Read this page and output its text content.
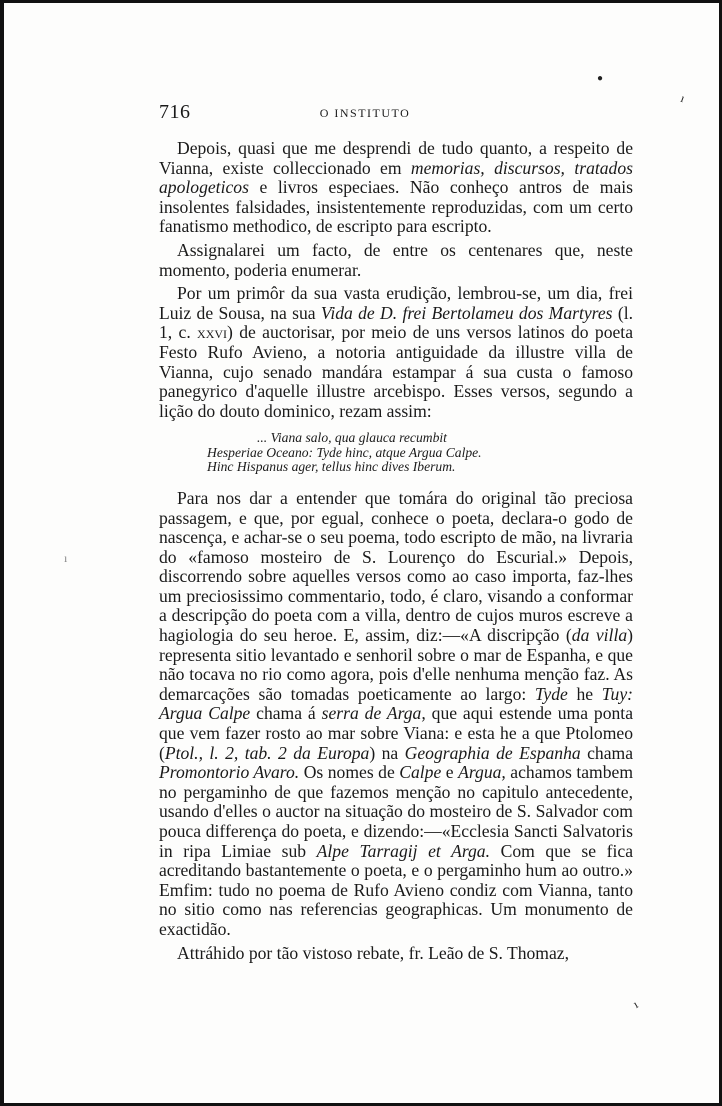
●
ı
ı
ı
716	O INSTITUTO

Depois, quasi que me desprendi de tudo quanto, a respeito de Vianna, existe colleccionado em memorias, discursos, tratados apologeticos e livros especiaes. Não conheço antros de mais insolentes falsidades, insistentemente reproduzidas, com um certo fanatismo methodico, de escripto para escripto.

Assignalarei um facto, de entre os centenares que, neste momento, poderia enumerar.

Por um primôr da sua vasta erudição, lembrou-se, um dia, frei Luiz de Sousa, na sua Vida de D. frei Bertolameu dos Martyres (l. 1, c. xxvi) de auctorisar, por meio de uns versos latinos do poeta Festo Rufo Avieno, a notoria antiguidade da illustre villa de Vianna, cujo senado mandára estampar á sua custa o famoso panegyrico d'aquelle illustre arcebispo. Esses versos, segundo a lição do douto dominico, rezam assim:

... Viana salo, qua glauca recumbit
Hesperiae Oceano: Tyde hinc, atque Argua Calpe.
Hinc Hispanus ager, tellus hinc dives Iberum.

Para nos dar a entender que tomára do original tão preciosa passagem, e que, por egual, conhece o poeta, declara-o godo de nascença, e achar-se o seu poema, todo escripto de mão, na livraria do «famoso mosteiro de S. Lourenço do Escurial.» Depois, discorrendo sobre aquelles versos como ao caso importa, faz-lhes um preciosissimo commentario, todo, é claro, visando a conformar a descripção do poeta com a villa, dentro de cujos muros escreve a hagiologia do seu heroe. E, assim, diz:—«A discripção (da villa) representa sitio levantado e senhoril sobre o mar de Espanha, e que não tocava no rio como agora, pois d'elle nenhuma menção faz. As demarcações são tomadas poeticamente ao largo: Tyde he Tuy: Argua Calpe chama á serra de Arga, que aqui estende uma ponta que vem fazer rosto ao mar sobre Viana: e esta he a que Ptolomeo (Ptol., l. 2, tab. 2 da Europa) na Geographia de Espanha chama Promontorio Avaro. Os nomes de Calpe e Argua, achamos tambem no pergaminho de que fazemos menção no capitulo antecedente, usando d'elles o auctor na situação do mosteiro de S. Salvador com pouca differença do poeta, e dizendo:—«Ecclesia Sancti Salvatoris in ripa Limiae sub Alpe Tarragij et Arga. Com que se fica acreditando bastantemente o poeta, e o pergaminho hum ao outro.» Emfim: tudo no poema de Rufo Avieno condiz com Vianna, tanto no sitio como nas referencias geographicas. Um monumento de exactidão.

Attráhido por tão vistoso rebate, fr. Leão de S. Thomaz,
